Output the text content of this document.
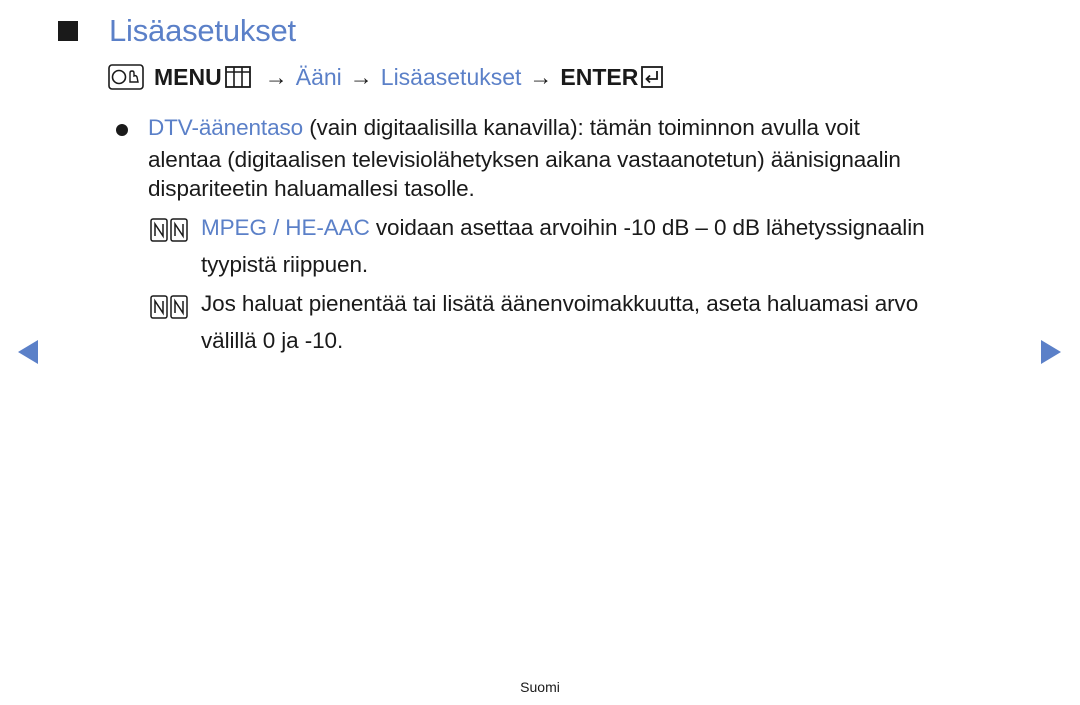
Lisäasetukset
MENU → Ääni → Lisäasetukset → ENTER
DTV-äänentaso (vain digitaalisilla kanavilla): tämän toiminnon avulla voit
alentaa (digitaalisen televisiolähetyksen aikana vastaanotetun) äänisignaalin
dispariteetin haluamallesi tasolle.
MPEG / HE-AAC voidaan asettaa arvoihin -10 dB – 0 dB lähetyssignaalin
tyypistä riippuen.
Jos haluat pienentää tai lisätä äänenvoimakkuutta, aseta haluamasi arvo
välillä 0 ja -10.
Suomi
